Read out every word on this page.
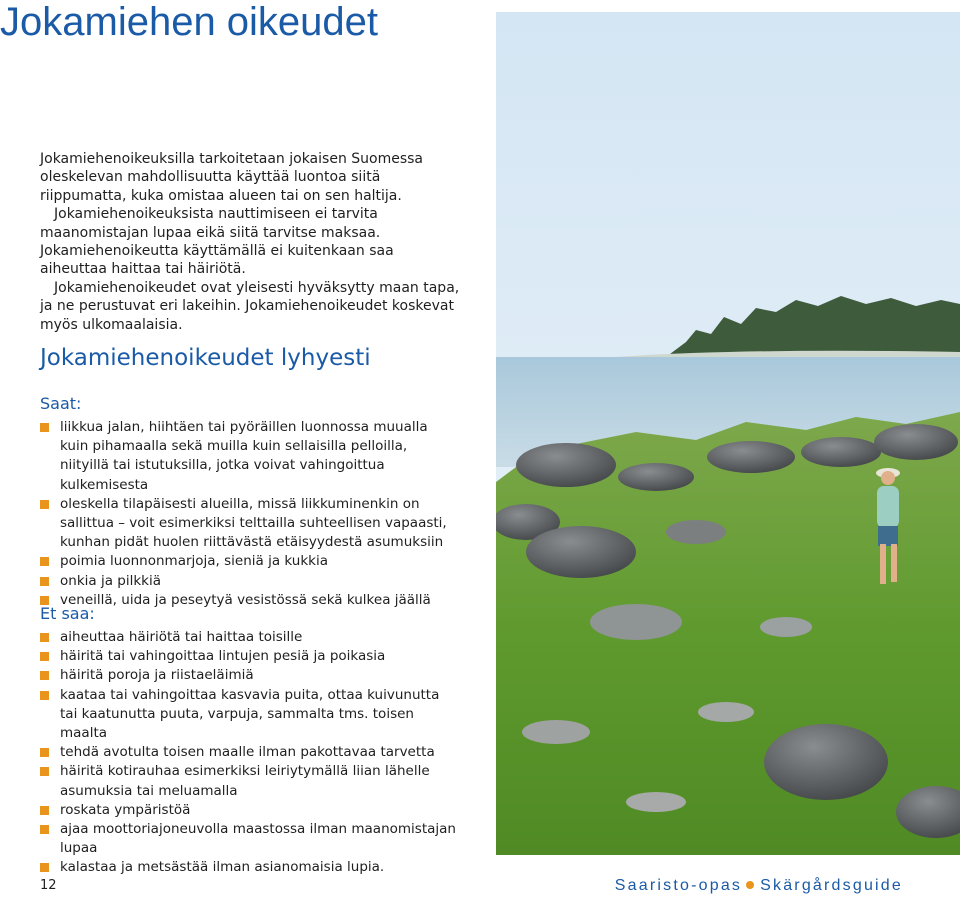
Jokamiehen oikeudet

Jokamiehenoikeuksilla tarkoitetaan jokaisen Suomessa oleskelevan mahdollisuutta käyttää luontoa siitä riippumatta, kuka omistaa alueen tai on sen haltija.

Jokamiehenoikeuksista nauttimiseen ei tarvita maanomistajan lupaa eikä siitä tarvitse maksaa. Jokamiehenoikeutta käyttämällä ei kuitenkaan saa aiheuttaa haittaa tai häiriötä.

Jokamiehenoikeudet ovat yleisesti hyväksytty maan tapa, ja ne perustuvat eri lakeihin. Jokamiehenoikeudet koskevat myös ulkomaalaisia.

Jokamiehenoikeudet lyhyesti
Saat:
liikkua jalan, hiihtäen tai pyöräillen luonnossa muualla kuin pihamaalla sekä muilla kuin sellaisilla pelloilla, niityillä tai istutuksilla, jotka voivat vahingoittua kulkemisesta
oleskella tilapäisesti alueilla, missä liikkuminenkin on sallittua – voit esimerkiksi telttailla suhteellisen vapaasti, kunhan pidät huolen riittävästä etäisyydestä asumuksiin
poimia luonnonmarjoja, sieniä ja kukkia
onkia ja pilkkiä
veneillä, uida ja peseytyä vesistössä sekä kulkea jäällä
Et saa:
aiheuttaa häiriötä tai haittaa toisille
häiritä tai vahingoittaa lintujen pesiä ja poikasia
häiritä poroja ja riistaeläimiä
kaataa tai vahingoittaa kasvavia puita, ottaa kuivunutta tai kaatunutta puuta, varpuja, sammalta tms. toisen maalta
tehdä avotulta toisen maalle ilman pakottavaa tarvetta
häiritä kotirauhaa esimerkiksi leiriytymällä liian lähelle asumuksia tai meluamalla
roskata ympäristöä
ajaa moottoriajoneuvolla maastossa ilman maanomistajan lupaa
kalastaa ja metsästää ilman asianomaisia lupia.
12	Saaristo-opas Skärgårdsguide
